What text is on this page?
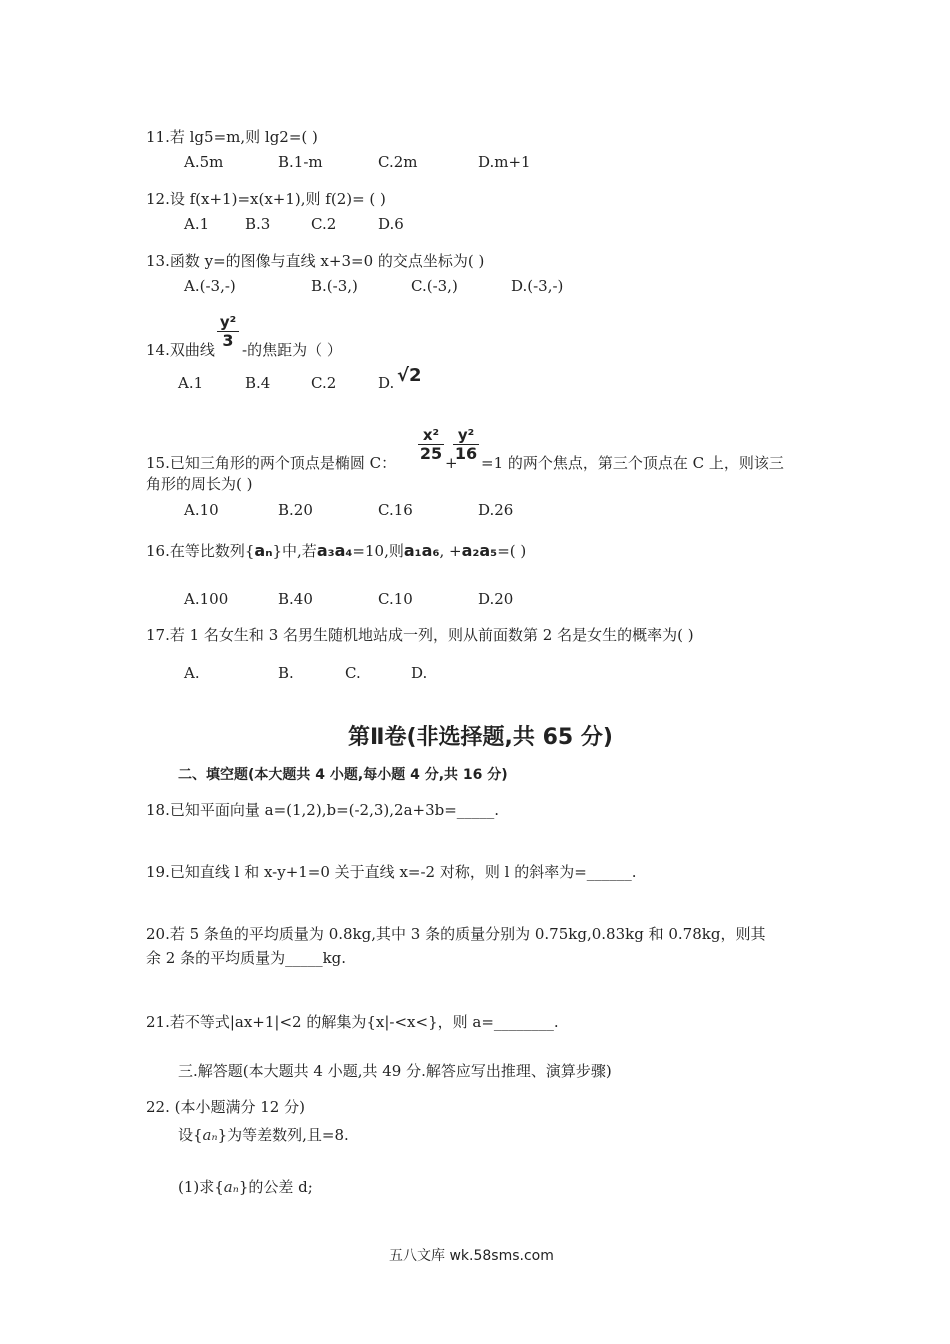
11.若 lg5=m,则 lg2=( )
A.5m	B.1-m	C.2m	D.m+1
12.设 f(x+1)=x(x+1),则 f(2)= ( )
A.1 B.3	C.2	D.6
13.函数 y=的图像与直线 x+3=0 的交点坐标为( )
A.(-3,-)	B.(-3,)	C.(-3,)	D.(-3,-)
14.双曲线 $\frac{\text{y²}}{3}$ -的焦距为（ ）
A.1	B.4	C.2	D. √2
15.已知三角形的两个顶点是椭圆 C： $\frac{\text{x²}}{25}$ +
$\frac{\text{y²}}{16} =1$ 的两个焦点，第三个顶点在 C 上，则该三
角形的周长为( )
A.10	B.20	C.16	D.26
16.在等比数列{aₙ}中,若a₃a₄=10,则a₁a₆, +a₂a₅=( )
A.100	B.40	C.10	D.20
17.若 1 名女生和 3 名男生随机地站成一列，则从前面数第 2 名是女生的概率为( )
A.	B.	C.	D.
第Ⅱ卷(非选择题,共 65 分)
二、填空题(本大题共 4 小题,每小题 4 分,共 16 分)
18.已知平面向量 a=(1,2),b=(-2,3),2a+3b=_____.
19.已知直线 l 和 x-y+1=0 关于直线 x=-2 对称，则 l 的斜率为=______.
20.若 5 条鱼的平均质量为 0.8kg,其中 3 条的质量分别为 0.75kg,0.83kg 和 0.78kg，则其
余 2 条的平均质量为_____kg.
21.若不等式|ax+1|<2 的解集为{x|-<x<}，则 a=________.
三.解答题(本大题共 4 小题,共 49 分.解答应写出推理、演算步骤)
22. (本小题满分 12 分)
设{aₙ}为等差数列,且=8.
(1)求{aₙ}的公差 d;
五八文库 wk.58sms.com
